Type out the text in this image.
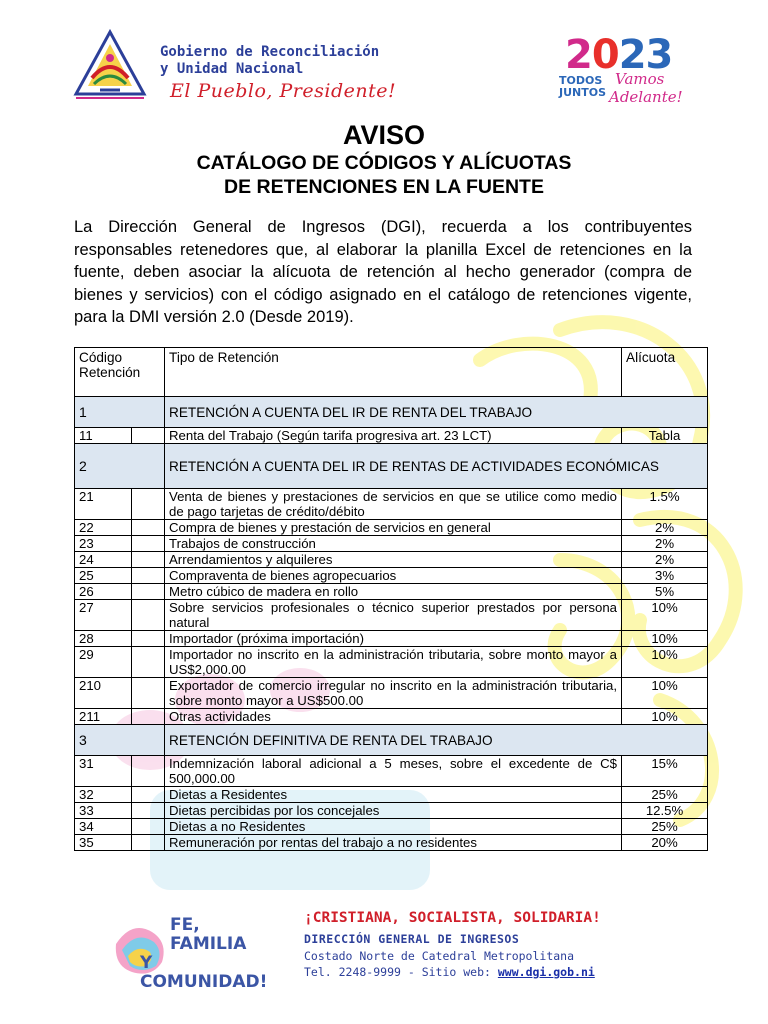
Gobierno de Reconciliación
y Unidad Nacional
El Pueblo, Presidente!
2023
TODOS
JUNTOS
Vamos
Adelante!
AVISO
CATÁLOGO DE CÓDIGOS Y ALÍCUOTAS
DE RETENCIONES EN LA FUENTE
La Dirección General de Ingresos (DGI), recuerda a los contribuyentes responsables retenedores que, al elaborar la planilla Excel de retenciones en la fuente, deben asociar la alícuota de retención al hecho generador (compra de bienes y servicios) con el código asignado en el catálogo de retenciones vigente, para la DMI versión 2.0 (Desde 2019).
Código Retención		Tipo de Retención	Alícuota
1		RETENCIÓN A CUENTA DEL IR DE RENTA DEL TRABAJO	
11		Renta del Trabajo (Según tarifa progresiva art. 23 LCT)	Tabla
2		RETENCIÓN A CUENTA DEL IR DE RENTAS DE ACTIVIDADES ECONÓMICAS	
21		Venta de bienes y prestaciones de servicios en que se utilice como medio de pago tarjetas de crédito/débito	1.5%
22		Compra de bienes y prestación de servicios en general	2%
23		Trabajos de construcción	2%
24		Arrendamientos y alquileres	2%
25		Compraventa de bienes agropecuarios	3%
26		Metro cúbico de madera en rollo	5%
27		Sobre servicios profesionales o técnico superior prestados por persona natural	10%
28		Importador (próxima importación)	10%
29		Importador no inscrito en la administración tributaria, sobre monto mayor a US$2,000.00	10%
210		Exportador de comercio irregular no inscrito en la administración tributaria, sobre monto mayor a US$500.00	10%
211		Otras actividades	10%
3		RETENCIÓN DEFINITIVA DE RENTA DEL TRABAJO	
31		Indemnización laboral adicional a 5 meses, sobre el excedente de C$ 500,000.00	15%
32		Dietas a Residentes	25%
33		Dietas percibidas por los concejales	12.5%
34		Dietas a no Residentes	25%
35		Remuneración por rentas del trabajo a no residentes	20%
FE,
FAMILIA
Y COMUNIDAD!
¡CRISTIANA, SOCIALISTA, SOLIDARIA!
DIRECCIÓN GENERAL DE INGRESOS
Costado Norte de Catedral Metropolitana
Tel. 2248-9999 - Sitio web: www.dgi.gob.ni
